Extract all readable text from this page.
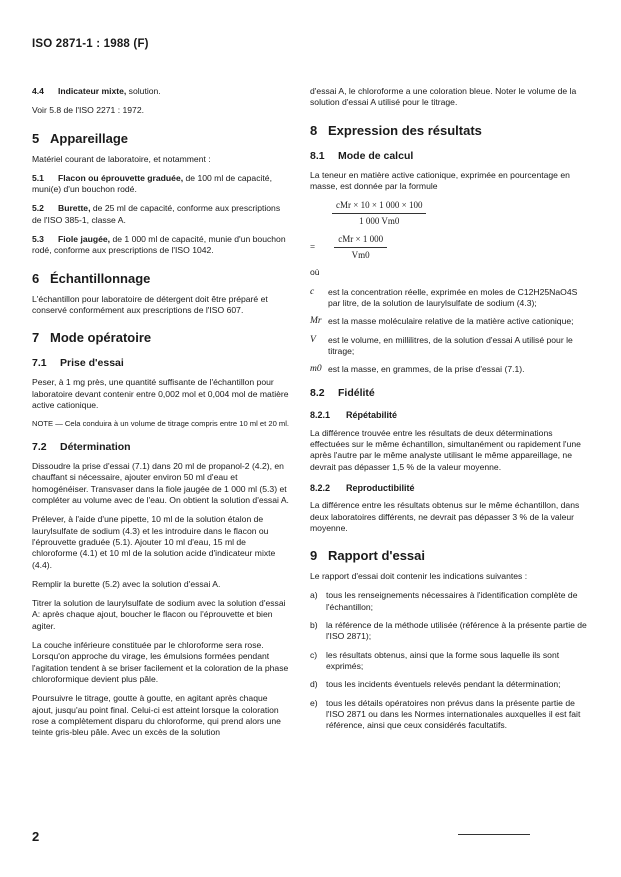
ISO 2871-1 : 1988 (F)

4.4 Indicateur mixte, solution.

Voir 5.8 de l'ISO 2271 : 1972.

5 Appareillage

Matériel courant de laboratoire, et notamment :

5.1 Flacon ou éprouvette graduée, de 100 ml de capacité, muni(e) d'un bouchon rodé.

5.2 Burette, de 25 ml de capacité, conforme aux prescriptions de l'ISO 385-1, classe A.

5.3 Fiole jaugée, de 1 000 ml de capacité, munie d'un bouchon rodé, conforme aux prescriptions de l'ISO 1042.

6 Échantillonnage

L'échantillon pour laboratoire de détergent doit être préparé et conservé conformément aux prescriptions de l'ISO 607.

7 Mode opératoire
7.1 Prise d'essai

Peser, à 1 mg près, une quantité suffisante de l'échantillon pour laboratoire devant contenir entre 0,002 mol et 0,004 mol de matière active cationique.

NOTE — Cela conduira à un volume de titrage compris entre 10 ml et 20 ml.

7.2 Détermination

Dissoudre la prise d'essai (7.1) dans 20 ml de propanol-2 (4.2), en chauffant si nécessaire, ajouter environ 50 ml d'eau et homogénéiser. Transvaser dans la fiole jaugée de 1 000 ml (5.3) et compléter au volume avec de l'eau. On obtient la solution d'essai A.

Prélever, à l'aide d'une pipette, 10 ml de la solution étalon de laurylsulfate de sodium (4.3) et les introduire dans le flacon ou l'éprouvette graduée (5.1). Ajouter 10 ml d'eau, 15 ml de chloroforme (4.1) et 10 ml de la solution acide d'indicateur mixte (4.4).

Remplir la burette (5.2) avec la solution d'essai A.

Titrer la solution de laurylsulfate de sodium avec la solution d'essai A: après chaque ajout, boucher le flacon ou l'éprouvette et bien agiter.

La couche inférieure constituée par le chloroforme sera rose. Lorsqu'on approche du virage, les émulsions formées pendant l'agitation tendent à se briser facilement et la coloration de la phase chloroformique devient plus pâle.

Poursuivre le titrage, goutte à goutte, en agitant après chaque ajout, jusqu'au point final. Celui-ci est atteint lorsque la coloration rose a complètement disparu du chloroforme, qui prend alors une teinte gris-bleu pâle. Avec un excès de la solution

d'essai A, le chloroforme a une coloration bleue. Noter le volume de la solution d'essai A utilisé pour le titrage.

8 Expression des résultats
8.1 Mode de calcul

La teneur en matière active cationique, exprimée en pourcentage en masse, est donnée par la formule

$\frac{\text{cMr × 10 × 1 000 × 100}}{1 000 Vm0}$
= $\frac{\text{cMr × 1 000}}{Vm0}$

où

c	est la concentration réelle, exprimée en moles de C12H25NaO4S par litre, de la solution de laurylsulfate de sodium (4.3);
Mr est la masse moléculaire relative de la matière active cationique;
V	est le volume, en millilitres, de la solution d'essai A utilisé pour le titrage;
m0 est la masse, en grammes, de la prise d'essai (7.1).
8.2 Fidélité
8.2.1 Répétabilité

La différence trouvée entre les résultats de deux déterminations effectuées sur le même échantillon, simultanément ou rapidement l'une après l'autre par le même analyste utilisant le même appareillage, ne devrait pas dépasser 1,5 % de la valeur moyenne.

8.2.2 Reproductibilité

La différence entre les résultats obtenus sur le même échantillon, dans deux laboratoires différents, ne devrait pas dépasser 3 % de la valeur moyenne.

9 Rapport d'essai

Le rapport d'essai doit contenir les indications suivantes :

a) tous les renseignements nécessaires à l'identification complète de l'échantillon;
b) la référence de la méthode utilisée (référence à la présente partie de l'ISO 2871);
c)	les résultats obtenus, ainsi que la forme sous laquelle ils sont exprimés;
d) tous les incidents éventuels relevés pendant la détermination;
e) tous les détails opératoires non prévus dans la présente partie de l'ISO 2871 ou dans les Normes internationales auxquelles il est fait référence, ainsi que ceux considérés facultatifs.
2
